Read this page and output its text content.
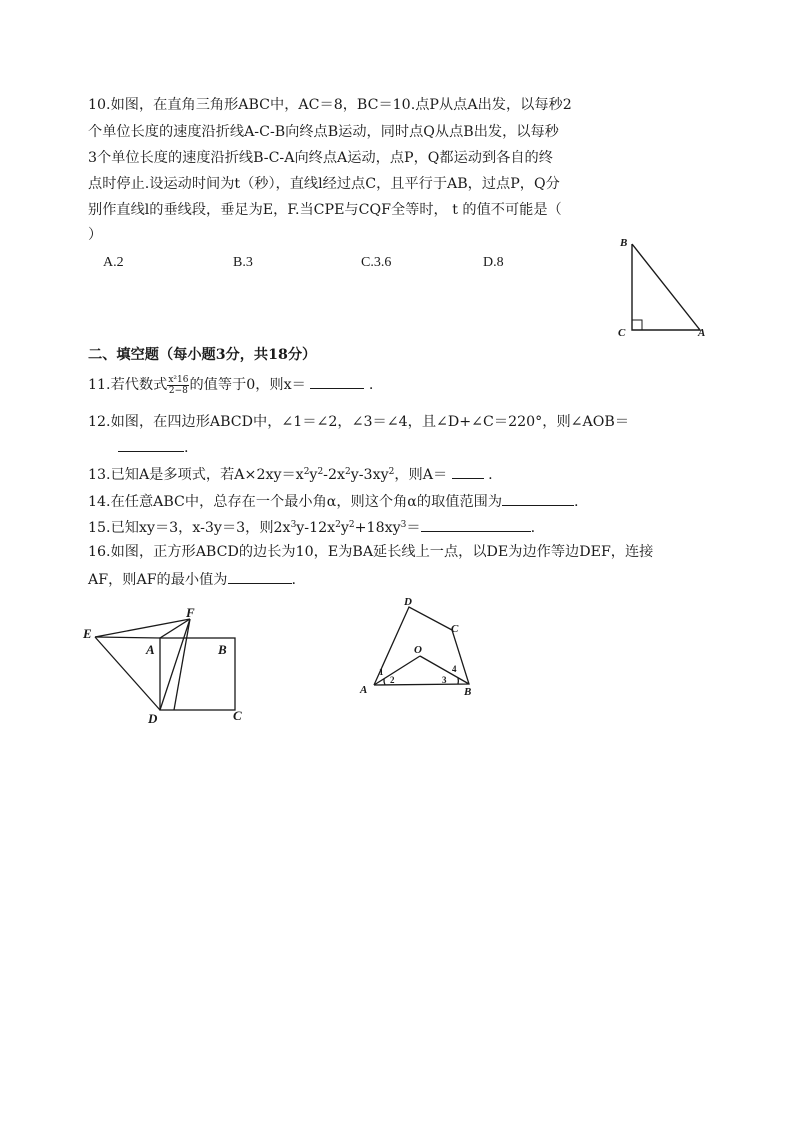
10.如图，在直角三角形ABC中，AC＝8，BC＝10.点P从点A出发，以每秒2
个单位长度的速度沿折线A-C-B向终点B运动，同时点Q从点B出发，以每秒
3个单位长度的速度沿折线B-C-A向终点A运动，点P，Q都运动到各自的终
点时停止.设运动时间为t（秒），直线l经过点C，且平行于AB，过点P，Q分
别作直线l的垂线段，垂足为E，F.当CPE与CQF全等时， t 的值不可能是（
）
A.2	B.3	C.3.6	D.8
B
C	A
二、填空题（每小题3分，共18分）
11.若代数式 $\frac{\text{x²16}}{2-8}$ 的值等于0，则x＝	.
12.如图，在四边形ABCD中，∠1＝∠2，∠3＝∠4，且∠D+∠C＝220°，则∠AOB＝
.
13.已知A是多项式，若$A\times 2xy=x^2y^2-2x^2y-3xy^2$，则A＝	.
14.在任意ABC中，总存在一个最小角α，则这个角α的取值范围为	.
15.已知xy＝3，x-3y＝3，则$2x^3y-12x^2y^2+18xy^3=$	.
16.如图，正方形ABCD的边长为10，E为BA延长线上一点，以DE为边作等边DEF，连接
AF，则AF的最小值为	.
E
F
A	B
D	C
D
C
O
A	B
1
2	3
4
